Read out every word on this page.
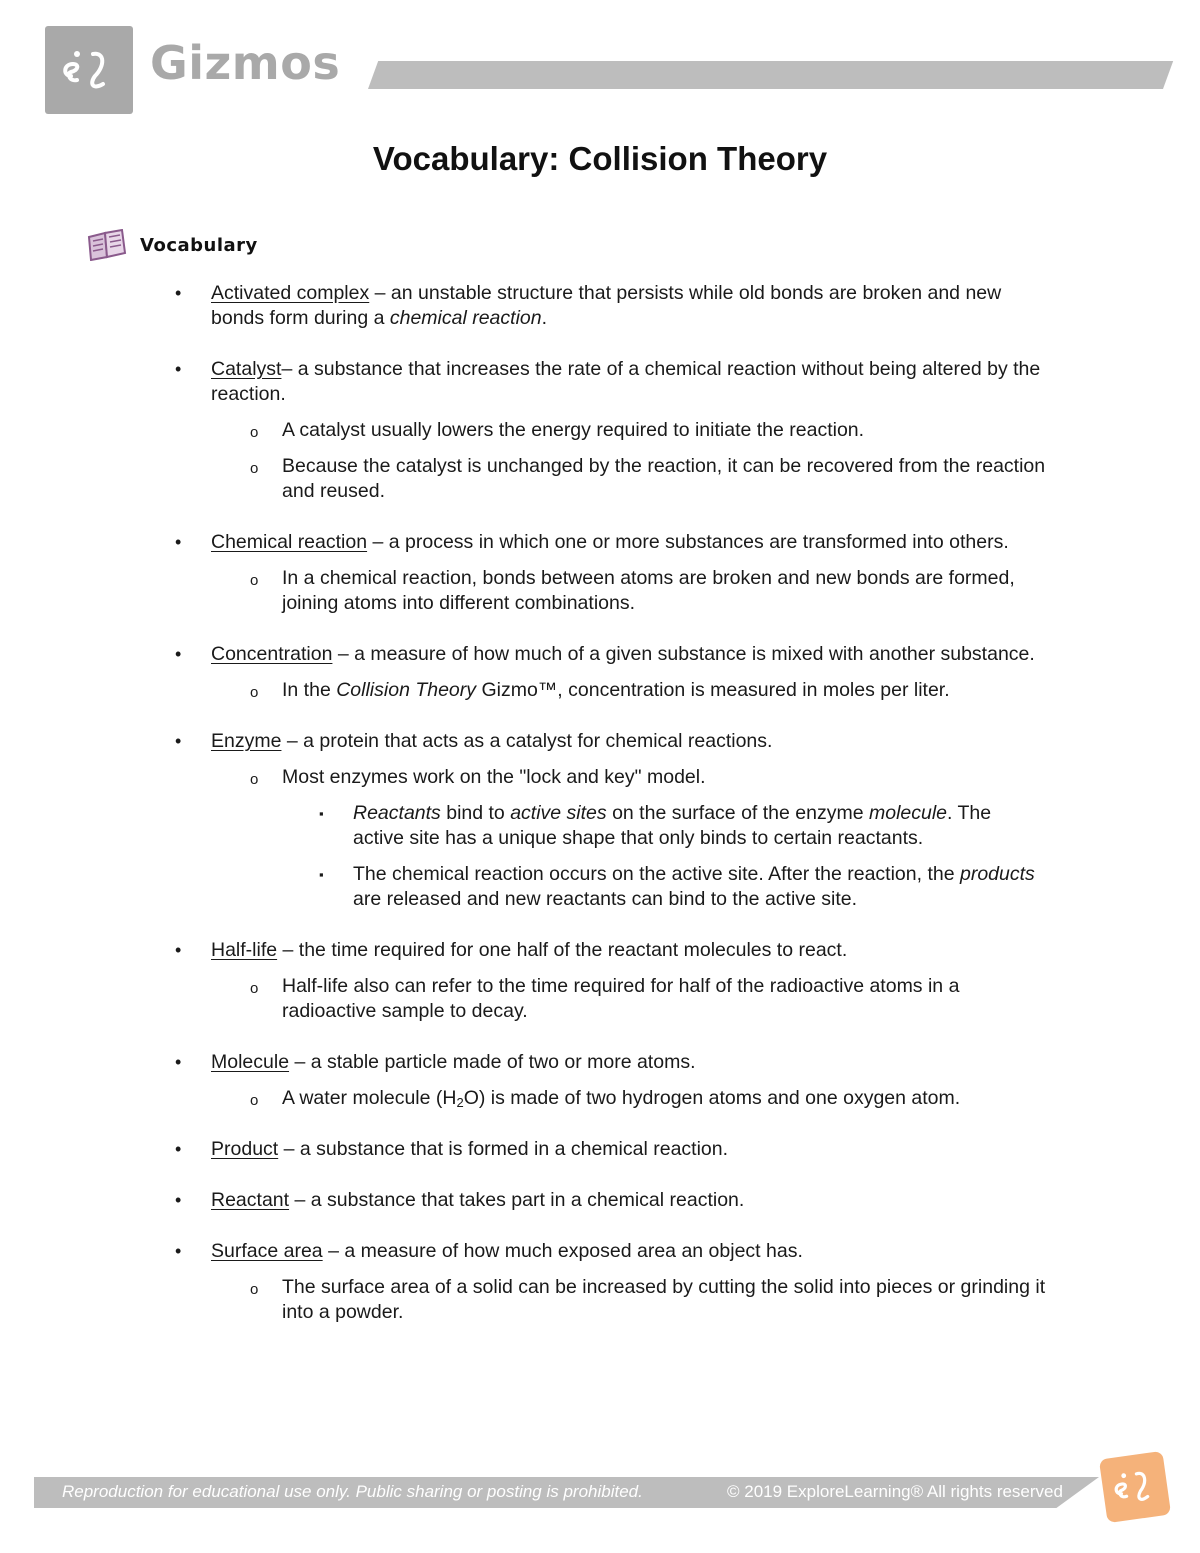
Gizmos
Vocabulary: Collision Theory
Vocabulary
• Activated complex – an unstable structure that persists while old bonds are broken and new bonds form during a chemical reaction.
• Catalyst– a substance that increases the rate of a chemical reaction without being altered by the reaction.
o A catalyst usually lowers the energy required to initiate the reaction.
o Because the catalyst is unchanged by the reaction, it can be recovered from the reaction and reused.
• Chemical reaction – a process in which one or more substances are transformed into others.
o In a chemical reaction, bonds between atoms are broken and new bonds are formed, joining atoms into different combinations.
• Concentration – a measure of how much of a given substance is mixed with another substance.
o In the Collision Theory Gizmo™, concentration is measured in moles per liter.
• Enzyme – a protein that acts as a catalyst for chemical reactions.
o Most enzymes work on the "lock and key" model.
▪ Reactants bind to active sites on the surface of the enzyme molecule. The active site has a unique shape that only binds to certain reactants.
▪ The chemical reaction occurs on the active site. After the reaction, the products are released and new reactants can bind to the active site.
• Half-life – the time required for one half of the reactant molecules to react.
o Half-life also can refer to the time required for half of the radioactive atoms in a radioactive sample to decay.
• Molecule – a stable particle made of two or more atoms.
o A water molecule $(H_2O)$ is made of two hydrogen atoms and one oxygen atom.
• Product – a substance that is formed in a chemical reaction.
• Reactant – a substance that takes part in a chemical reaction.
• Surface area – a measure of how much exposed area an object has.
o The surface area of a solid can be increased by cutting the solid into pieces or grinding it into a powder.
Reproduction for educational use only. Public sharing or posting is prohibited.	© 2019 ExploreLearning® All rights reserved
